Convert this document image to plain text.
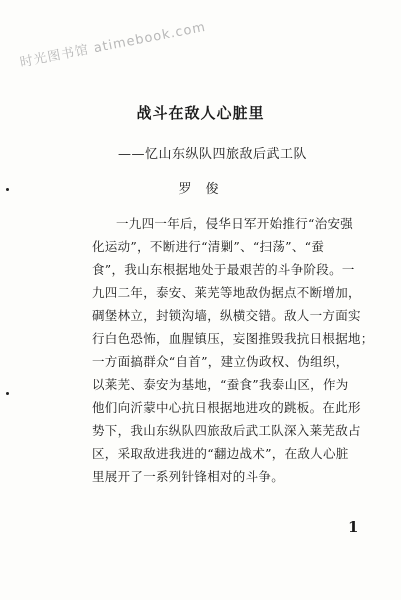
时光图书馆 atimebook.com
战斗在敌人心脏里
——忆山东纵队四旅敌后武工队
罗俊
一九四一年后，侵华日军开始推行“治安强
化运动”，不断进行“清剿”、“扫荡”、“蚕
食”，我山东根据地处于最艰苦的斗争阶段。一
九四二年，泰安、莱芜等地敌伪据点不断增加，
碉堡林立，封锁沟墙，纵横交错。敌人一方面实
行白色恐怖，血腥镇压，妄图推毁我抗日根据地；
一方面搞群众“自首”，建立伪政权、伪组织，
以莱芜、泰安为基地，“蚕食”我泰山区，作为
他们向沂蒙中心抗日根据地进攻的跳板。在此形
势下，我山东纵队四旅敌后武工队深入莱芜敌占
区，采取敌进我进的“翻边战术”，在敌人心脏
里展开了一系列针锋相对的斗争。
1
